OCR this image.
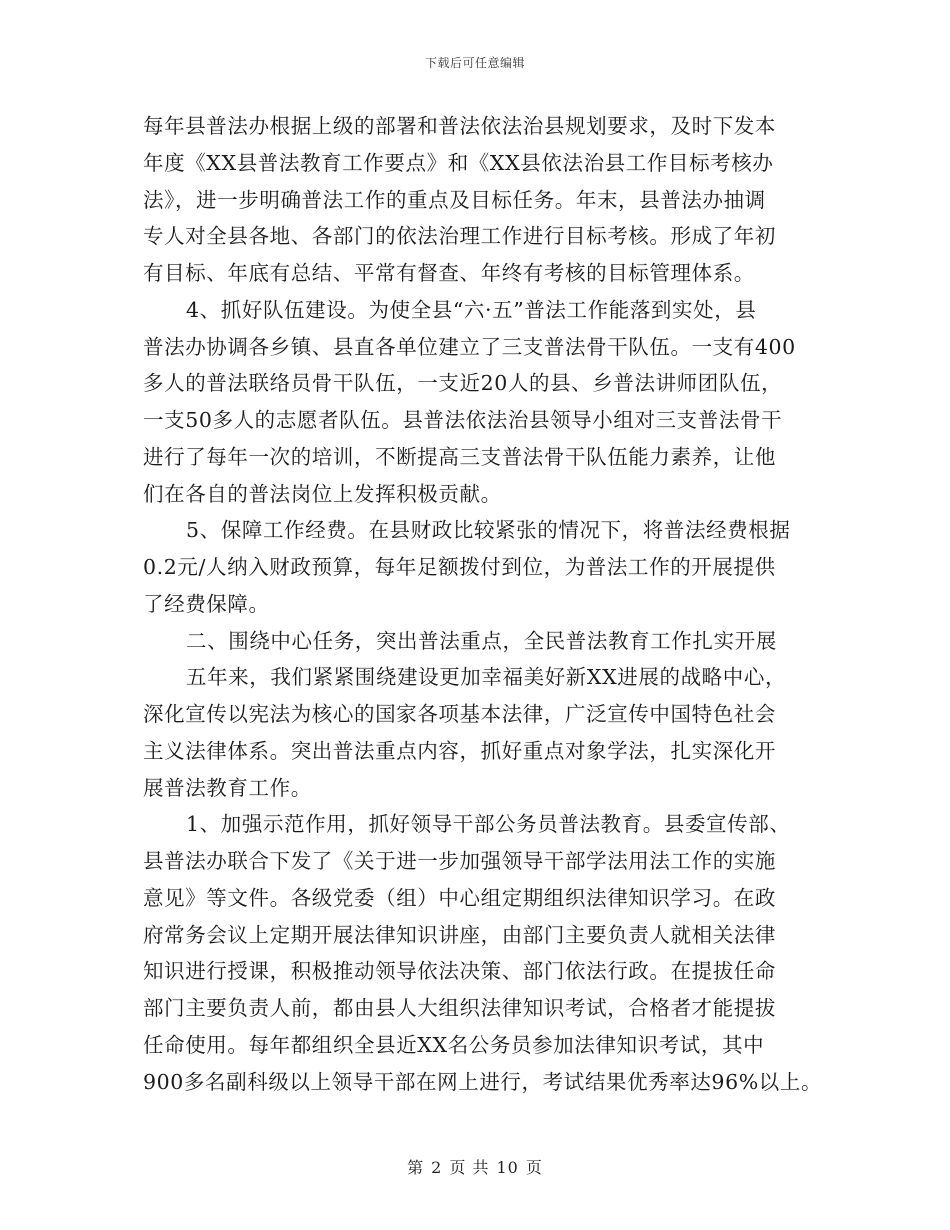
下载后可任意编辑
每年县普法办根据上级的部署和普法依法治县规划要求，及时下发本
年度《XX县普法教育工作要点》和《XX县依法治县工作目标考核办
法》，进一步明确普法工作的重点及目标任务。年末，县普法办抽调
专人对全县各地、各部门的依法治理工作进行目标考核。形成了年初
有目标、年底有总结、平常有督查、年终有考核的目标管理体系。
4、抓好队伍建设。为使全县“六·五”普法工作能落到实处，县
普法办协调各乡镇、县直各单位建立了三支普法骨干队伍。一支有400
多人的普法联络员骨干队伍，一支近20人的县、乡普法讲师团队伍，
一支50多人的志愿者队伍。县普法依法治县领导小组对三支普法骨干
进行了每年一次的培训，不断提高三支普法骨干队伍能力素养，让他
们在各自的普法岗位上发挥积极贡献。
5、保障工作经费。在县财政比较紧张的情况下，将普法经费根据
0.2元/人纳入财政预算，每年足额拨付到位，为普法工作的开展提供
了经费保障。
二、围绕中心任务，突出普法重点，全民普法教育工作扎实开展
五年来，我们紧紧围绕建设更加幸福美好新XX进展的战略中心，
深化宣传以宪法为核心的国家各项基本法律，广泛宣传中国特色社会
主义法律体系。突出普法重点内容，抓好重点对象学法，扎实深化开
展普法教育工作。
1、加强示范作用，抓好领导干部公务员普法教育。县委宣传部、
县普法办联合下发了《关于进一步加强领导干部学法用法工作的实施
意见》等文件。各级党委（组）中心组定期组织法律知识学习。在政
府常务会议上定期开展法律知识讲座，由部门主要负责人就相关法律
知识进行授课，积极推动领导依法决策、部门依法行政。在提拔任命
部门主要负责人前，都由县人大组织法律知识考试，合格者才能提拔
任命使用。每年都组织全县近XX名公务员参加法律知识考试，其中
900多名副科级以上领导干部在网上进行，考试结果优秀率达96%以上。
第 2 页 共 10 页
